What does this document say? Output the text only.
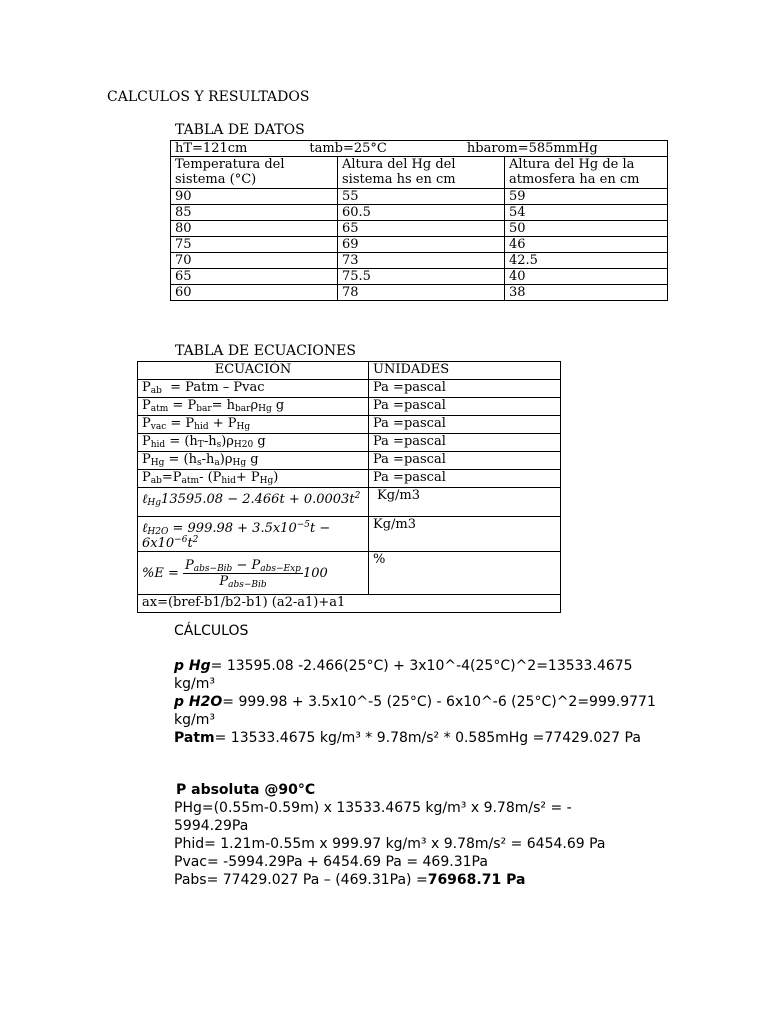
CALCULOS Y RESULTADOS
TABLA DE DATOS
hT=121cm tamb=25°C hbarom=585mmHg		
Temperatura del sistema (°C)	Altura del Hg del sistema hs en cm	Altura del Hg de la atmosfera ha en cm
90	55	59
85	60.5	54
80	65	50
75	69	46
70	73	42.5
65	75.5	40
60	78	38
TABLA DE ECUACIONES
ECUACIÓN	UNIDADES
$P_{ab}$  = Patm – Pvac	Pa =pascal
$P_{atm} = P_{bar}= h_{bar}\rho_{Hg}$ g	Pa =pascal
$P_{vac} = P_{hid} + P_{Hg}$	Pa =pascal
$P_{hid} = (h_T-h_s)\rho_{H20}$ g	Pa =pascal
$P_{Hg} = (h_s-h_a)\rho_{Hg}$ g	Pa =pascal
$P_{ab}=P_{atm}-$ $(P_{hid}+ P_{Hg})$	Pa =pascal
ℓ$_{Hg}$13595.08 − $2.466t + 0.0003t^2$	Kg/m3
ℓ$_{H2O}$ = $999.98 + 3.5x10^{-5}t - 6x10^{-6}t^2$	Kg/m3
$\%E = \frac{P_{abs-Bib} - P_{abs-Exp}}{P_{abs-Bib}} 100$	%
ax=(bref-b1/b2-b1) (a2-a1)+a1	
CÁLCULOS
p Hg= 13595.08 -2.466(25°C) + 3x10^-4(25°C)^2=13533.4675
kg/m³
p H2O= 999.98 + 3.5x10^-5 (25°C) - 6x10^-6 (25°C)^2=999.9771
kg/m³
Patm= 13533.4675 kg/m³ * 9.78m/s² * 0.585mHg =77429.027 Pa
P absoluta @90°C
PHg=(0.55m-0.59m) x 13533.4675 kg/m³ x 9.78m/s² = -
5994.29Pa
Phid= 1.21m-0.55m x 999.97 kg/m³ x 9.78m/s² = 6454.69 Pa
Pvac= -5994.29Pa + 6454.69 Pa = 469.31Pa
Pabs= 77429.027 Pa – (469.31Pa) =76968.71 Pa
